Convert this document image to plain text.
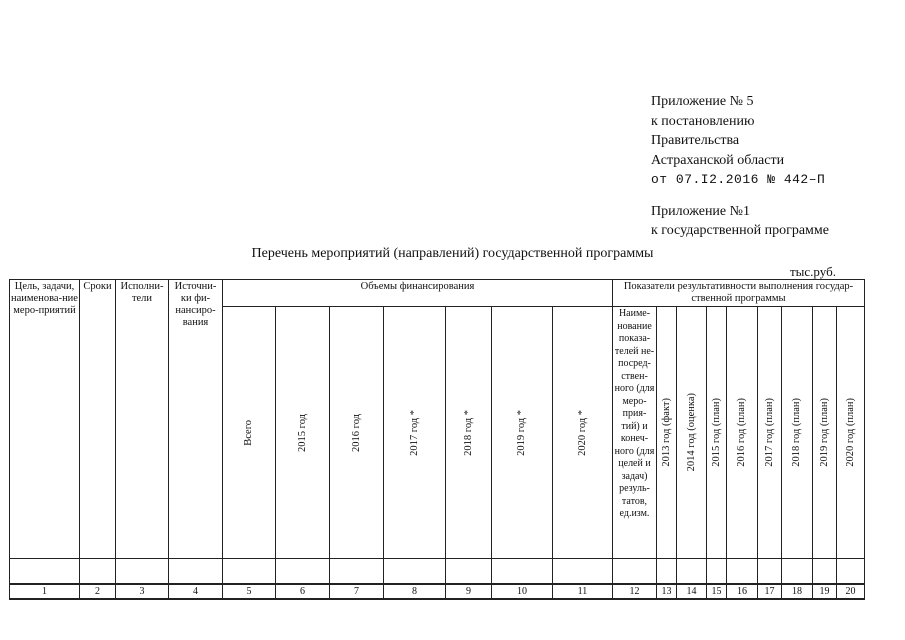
Приложение № 5
к постановлению
Правительства
Астраханской области
от 07.I2.2016 № 442–П
Приложение №1
к государственной программе
Перечень мероприятий (направлений) государственной программы
тыс.руб.
Цель, задачи, наименова-ние меро-приятий	Сроки	Исполни-тели	Источни-ки фи-нансиро-вания	Объемы финансирования							Показатели результативности выполнения государ-ственной программы								

				Всего	2015 год	2016 год	2017 год *	2018 год *	2019 год *	2020 год *	Наиме-нование показа-телей не-посред-ствен-ного (для меро-прия-тий) и конеч-ного (для целей и задач) резуль-татов, ед.изм.	2013 год (факт)	2014 год (оценка)	2015 год (план)	2016 год (план)	2017 год (план)	2018 год (план)	2019 год (план)	2020 год (план)

1	2	3	4	5	6	7	8	9	10	11	12	13	14	15	16	17	18	19	20
